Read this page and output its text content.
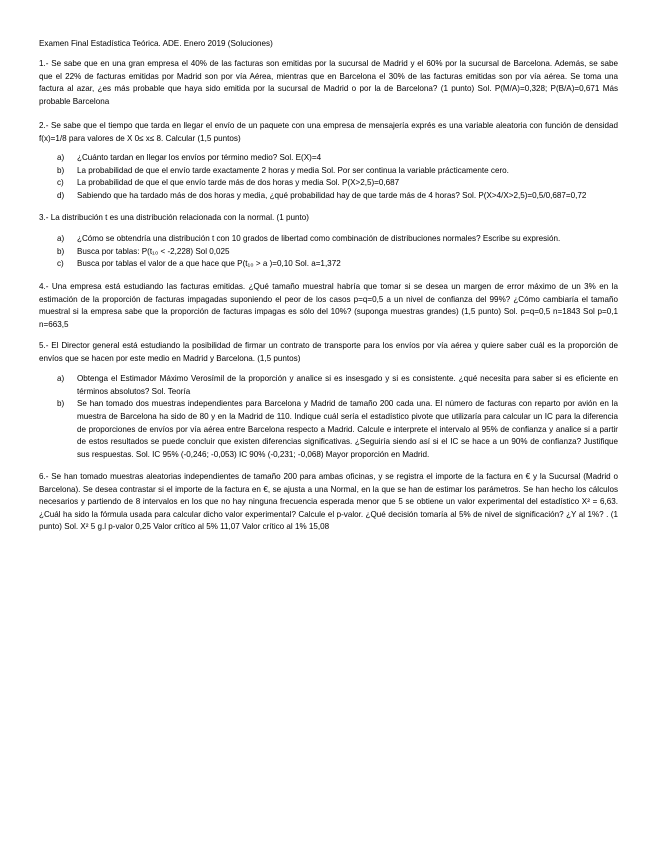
Examen Final Estadística Teórica. ADE. Enero 2019 (Soluciones)
1.- Se sabe que en una gran empresa el 40% de las facturas son emitidas por la sucursal de Madrid y el 60% por la sucursal de Barcelona. Además, se sabe que el 22% de facturas emitidas por Madrid son por vía Aérea, mientras que en Barcelona el 30% de las facturas emitidas son por vía aérea. Se toma una factura al azar, ¿es más probable que haya sido emitida por la sucursal de Madrid o por la de Barcelona? (1 punto) Sol. P(M/A)=0,328; P(B/A)=0,671 Más probable Barcelona
2.- Se sabe que el tiempo que tarda en llegar el envío de un paquete con una empresa de mensajería exprés es una variable aleatoria con función de densidad f(x)=1/8 para valores de X 0≤ x≤ 8. Calcular (1,5 puntos)
a)	¿Cuánto tardan en llegar los envíos por término medio? Sol. E(X)=4
b)	La probabilidad de que el envío tarde exactamente 2 horas y media Sol. Por ser continua la variable prácticamente cero.
c)	La probabilidad de que el que envío tarde más de dos horas y media Sol. P(X>2,5)=0,687
d)	Sabiendo que ha tardado más de dos horas y media, ¿qué probabilidad hay de que tarde más de 4 horas? Sol. P(X>4/X>2,5)=0,5/0,687=0,72
3.- La distribución t es una distribución relacionada con la normal. (1 punto)
a)	¿Cómo se obtendría una distribución t con 10 grados de libertad como combinación de distribuciones normales? Escribe su expresión.
b)	Busca por tablas: P(t₁₀ < -2,228) Sol 0,025
c)	Busca por tablas el valor de a que hace que P(t₁₀ > a )=0,10 Sol. a=1,372
4.- Una empresa está estudiando las facturas emitidas. ¿Qué tamaño muestral habría que tomar si se desea un margen de error máximo de un 3% en la estimación de la proporción de facturas impagadas suponiendo el peor de los casos p=q=0,5 a un nivel de confianza del 99%? ¿Cómo cambiaría el tamaño muestral si la empresa sabe que la proporción de facturas impagas es sólo del 10%? (suponga muestras grandes) (1,5 punto) Sol. p=q=0,5 n=1843 Sol p=0,1 n=663,5
5.- El Director general está estudiando la posibilidad de firmar un contrato de transporte para los envíos por vía aérea y quiere saber cuál es la proporción de envíos que se hacen por este medio en Madrid y Barcelona. (1,5 puntos)
a)	Obtenga el Estimador Máximo Verosímil de la proporción y analice si es insesgado y si es consistente. ¿qué necesita para saber si es eficiente en términos absolutos? Sol. Teoría
b)	Se han tomado dos muestras independientes para Barcelona y Madrid de tamaño 200 cada una. El número de facturas con reparto por avión en la muestra de Barcelona ha sido de 80 y en la Madrid de 110. Indique cuál sería el estadístico pivote que utilizaría para calcular un IC para la diferencia de proporciones de envíos por vía aérea entre Barcelona respecto a Madrid. Calcule e interprete el intervalo al 95% de confianza y analice si a partir de estos resultados se puede concluir que existen diferencias significativas. ¿Seguiría siendo así si el IC se hace a un 90% de confianza? Justifique sus respuestas. Sol. IC 95% (-0,246; -0,053) IC 90% (-0,231; -0,068) Mayor proporción en Madrid.
6.- Se han tomado muestras aleatorias independientes de tamaño 200 para ambas oficinas, y se registra el importe de la factura en € y la Sucursal (Madrid o Barcelona). Se desea contrastar si el importe de la factura en €, se ajusta a una Normal, en la que se han de estimar los parámetros. Se han hecho los cálculos necesarios y partiendo de 8 intervalos en los que no hay ninguna frecuencia esperada menor que 5 se obtiene un valor experimental del estadístico X² = 6,63. ¿Cuál ha sido la fórmula usada para calcular dicho valor experimental? Calcule el p-valor. ¿Qué decisión tomaría al 5% de nivel de significación? ¿Y al 1%? . (1 punto) Sol. X² 5 g.l p-valor 0,25 Valor crítico al 5% 11,07 Valor crítico al 1% 15,08
